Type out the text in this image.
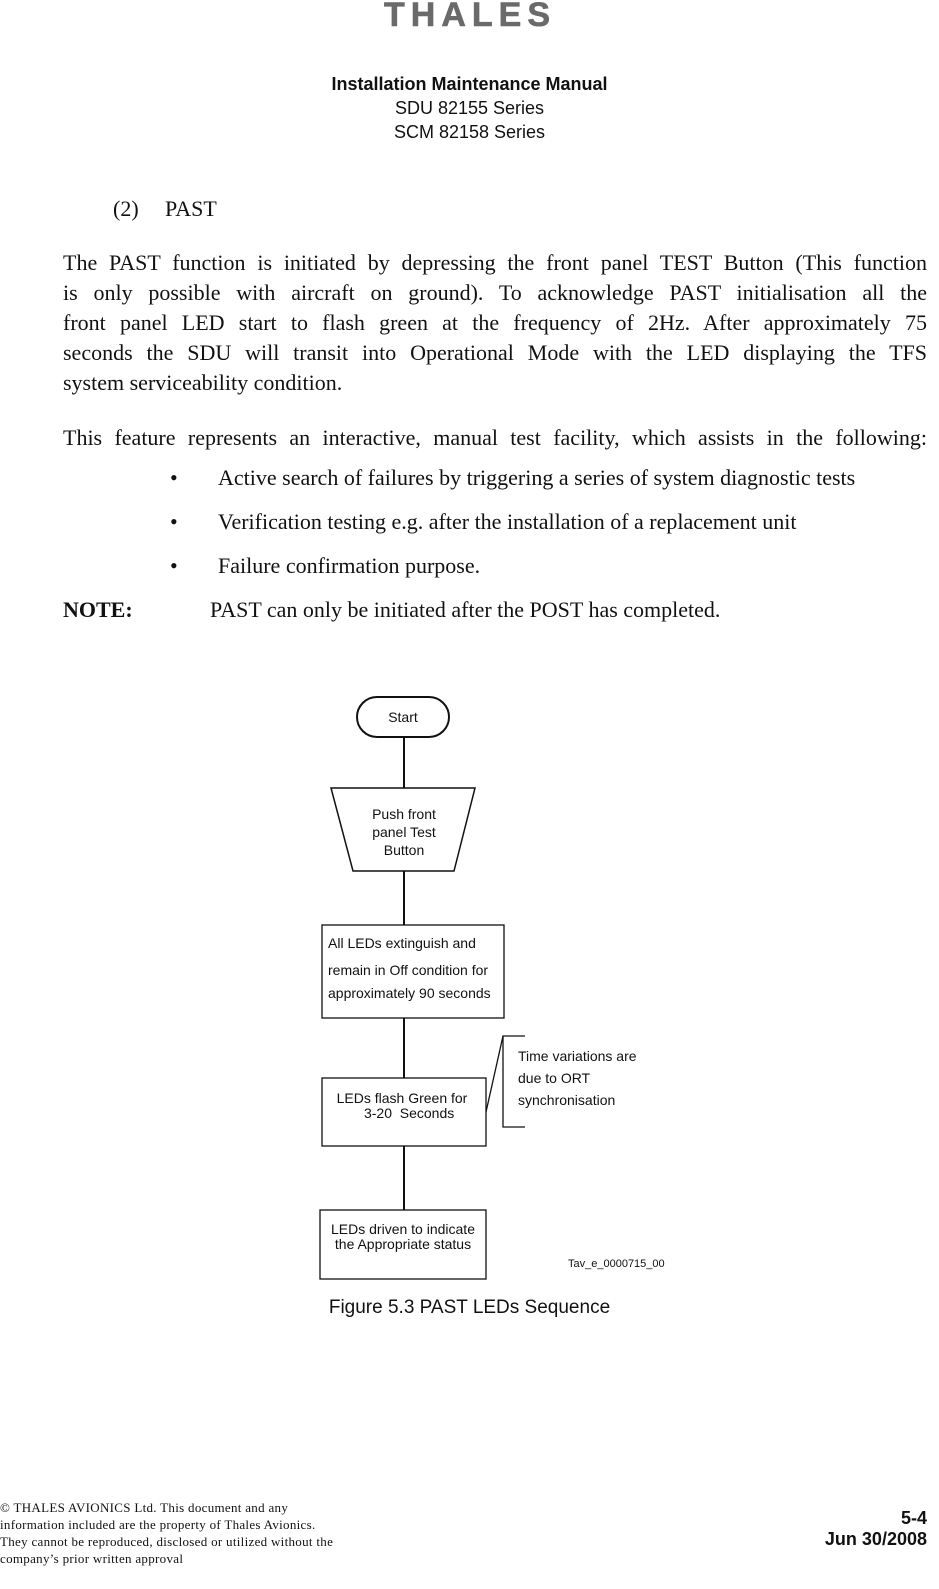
THALES
Installation Maintenance Manual
SDU 82155 Series
SCM 82158 Series
(2) PAST
The PAST function is initiated by depressing the front panel TEST Button (This function
is only possible with aircraft on ground). To acknowledge PAST initialisation all the
front panel LED start to flash green at the frequency of 2Hz. After approximately 75
seconds the SDU will transit into Operational Mode with the LED displaying the TFS
system serviceability condition.
This feature represents an interactive, manual test facility, which assists in the following:
• Active search of failures by triggering a series of system diagnostic tests
• Verification testing e.g. after the installation of a replacement unit
• Failure confirmation purpose.
NOTE:	PAST can only be initiated after the POST has completed.
Start
Push front
panel Test
Button
All LEDs extinguish and
remain in Off condition for
approximately 90 seconds
LEDs flash Green for
3-20 Seconds
Time variations are
due to ORT
synchronisation
LEDs driven to indicate
the Appropriate status
Tav_e_0000715_00
Figure 5.3 PAST LEDs Sequence
© THALES AVIONICS Ltd. This document and any
information included are the property of Thales Avionics.
They cannot be reproduced, disclosed or utilized without the
company’s prior written approval
5-4
Jun 30/2008
